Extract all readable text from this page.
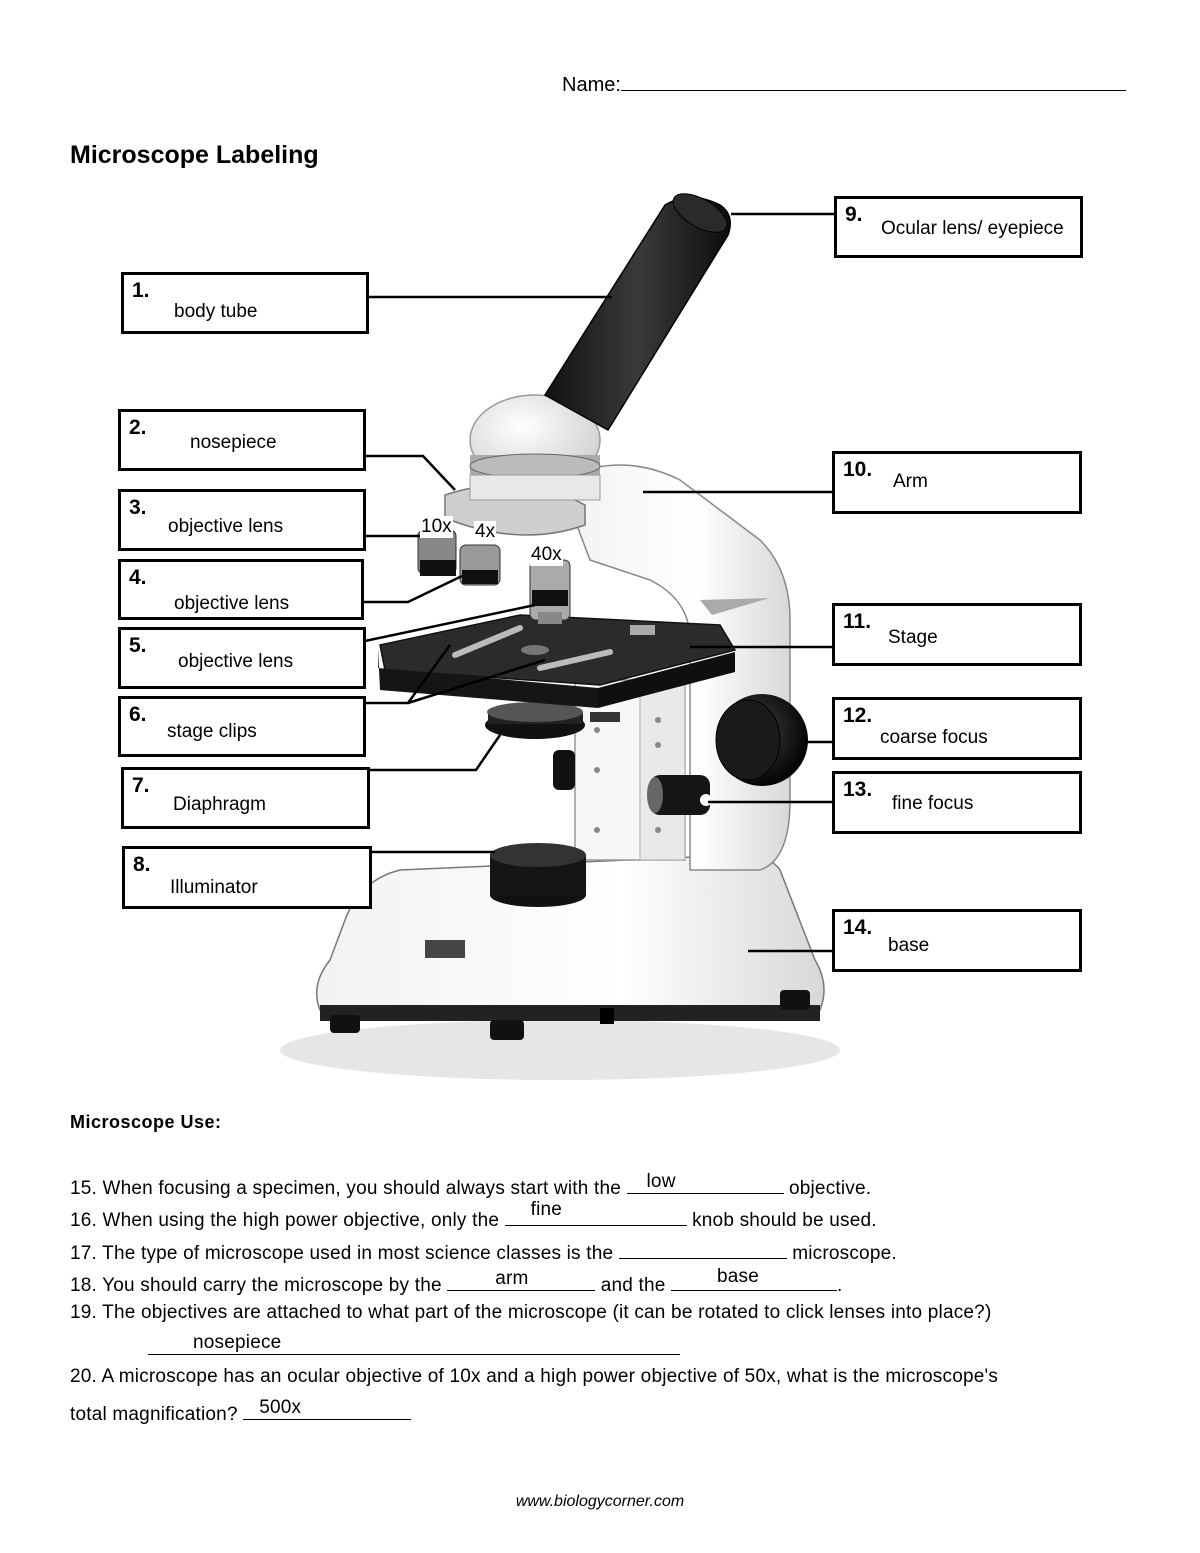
Name:
Microscope Labeling
10x 4x
40x
1.
body tube
2.
nosepiece
3.
objective lens
4.
objective lens
5.
objective lens
6.
stage clips
7.
Diaphragm
8.
Illuminator
9.
Ocular lens/ eyepiece
10.
Arm
11.
Stage
12.
coarse focus
13.
fine focus
14.
base
Microscope Use:
15. When focusing a specimen, you should always start with the low	objective.
16. When using the high power objective, only the
fine
knob should be used.
17. The type of microscope used in most science classes is the	microscope.
18. You should carry the microscope by the	arm	and the base	.
19. The objectives are attached to what part of the microscope (it can be rotated to click lenses into place?)
nosepiece
20. A microscope has an ocular objective of 10x and a high power objective of 50x, what is the microscope's
total magnification? 500x
www.biologycorner.com
